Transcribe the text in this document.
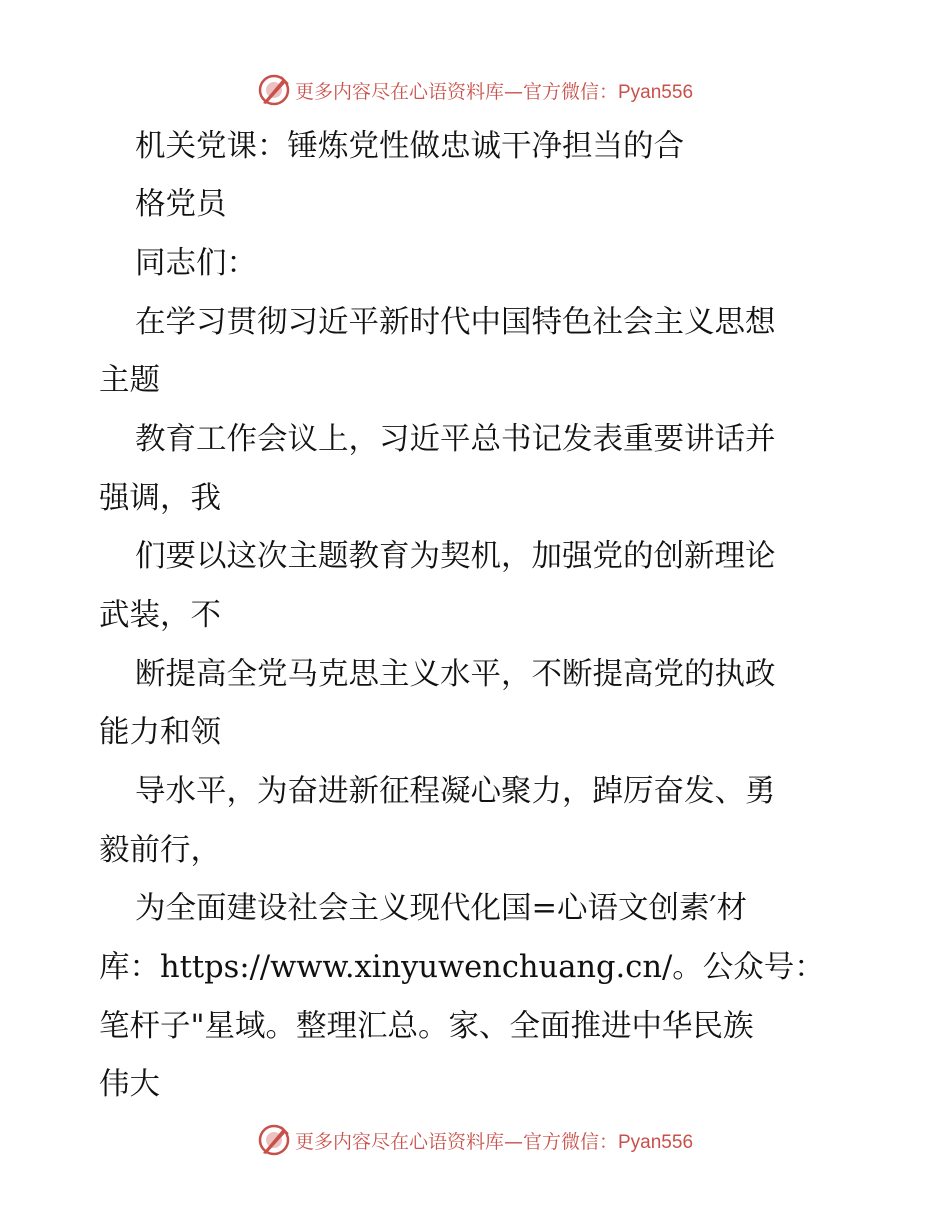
更多内容尽在心语资料库—官方微信：Pyan556
机关党课：锤炼党性做忠诚干净担当的合
格党员
同志们：
在学习贯彻习近平新时代中国特色社会主义思想
主题
教育工作会议上，习近平总书记发表重要讲话并
强调，我
们要以这次主题教育为契机，加强党的创新理论
武装，不
断提高全党马克思主义水平，不断提高党的执政
能力和领
导水平，为奋进新征程凝心聚力，踔厉奋发、勇
毅前行，
为全面建设社会主义现代化国=心语文创素′材
库：https://www.xinyuwenchuang.cn/。公众号：
笔杆子"星域。整理汇总。家、全面推进中华民族
伟大
更多内容尽在心语资料库—官方微信：Pyan556
